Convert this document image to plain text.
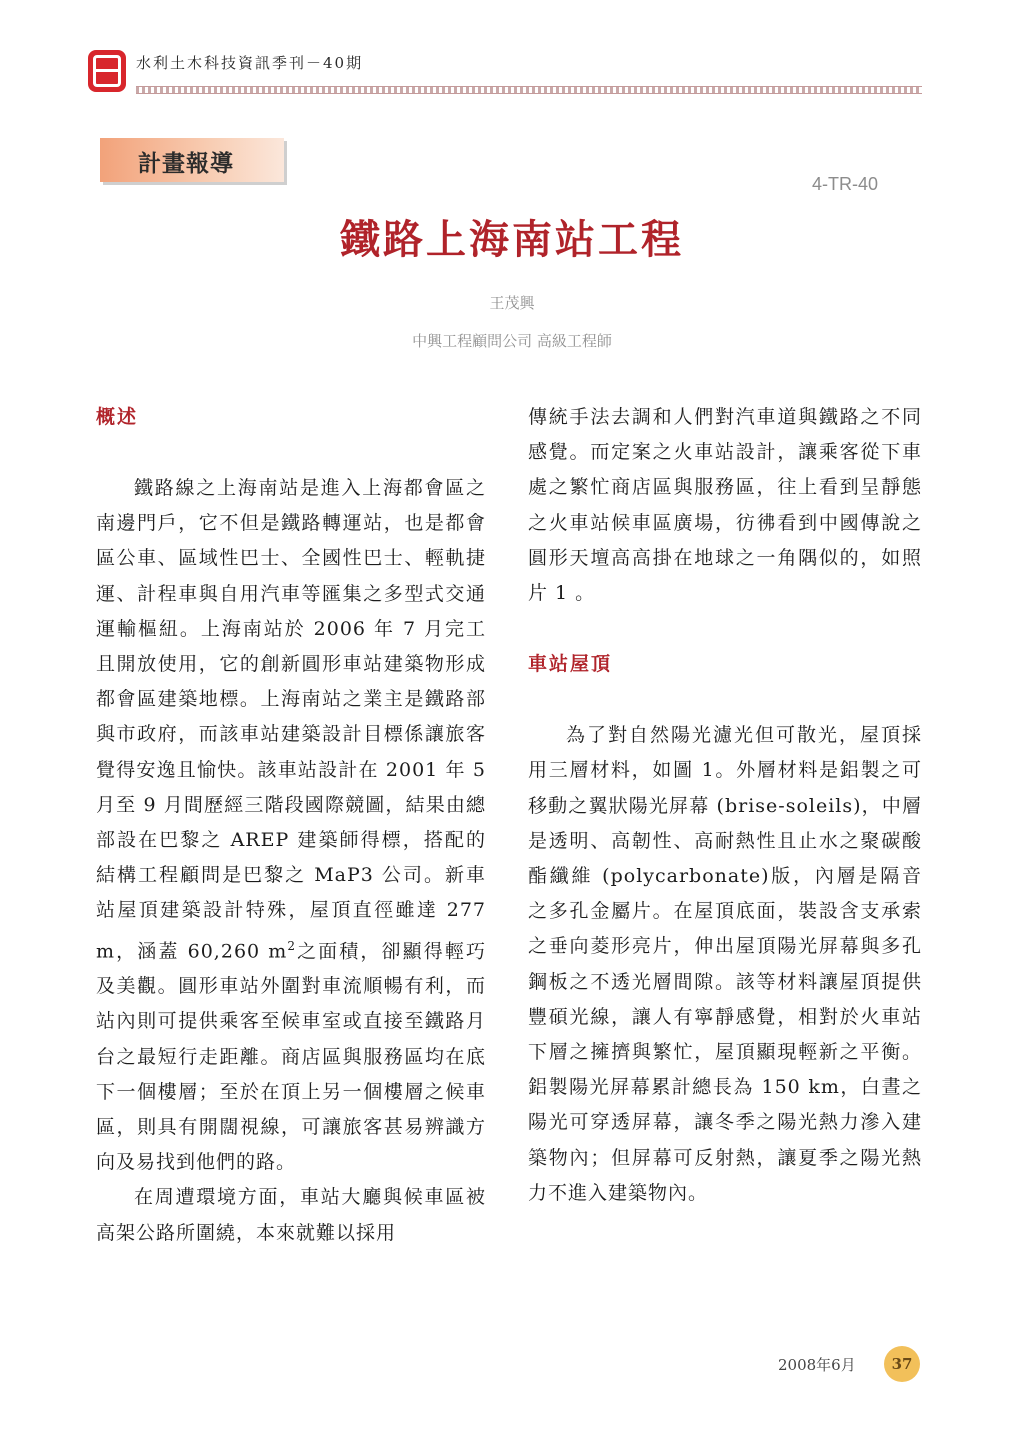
水利土木科技資訊季刊－40期
計畫報導
4-TR-40
鐵路上海南站工程
王茂興
中興工程顧問公司 高級工程師
概述

鐵路線之上海南站是進入上海都會區之南邊門戶，它不但是鐵路轉運站，也是都會區公車、區域性巴士、全國性巴士、輕軌捷運、計程車與自用汽車等匯集之多型式交通運輸樞紐。上海南站於 2006 年 7 月完工且開放使用，它的創新圓形車站建築物形成都會區建築地標。上海南站之業主是鐵路部與市政府，而該車站建築設計目標係讓旅客覺得安逸且愉快。該車站設計在 2001 年 5 月至 9 月間歷經三階段國際競圖，結果由總部設在巴黎之 AREP 建築師得標，搭配的結構工程顧問是巴黎之 MaP3 公司。新車站屋頂建築設計特殊，屋頂直徑雖達 277 m，涵蓋 60,260 $m^2$之面積，卻顯得輕巧及美觀。圓形車站外圍對車流順暢有利，而站內則可提供乘客至候車室或直接至鐵路月台之最短行走距離。商店區與服務區均在底下一個樓層；至於在頂上另一個樓層之候車區，則具有開闊視線，可讓旅客甚易辨識方向及易找到他們的路。

在周遭環境方面，車站大廳與候車區被高架公路所圍繞，本來就難以採用

傳統手法去調和人們對汽車道與鐵路之不同感覺。而定案之火車站設計，讓乘客從下車處之繁忙商店區與服務區，往上看到呈靜態之火車站候車區廣場，彷彿看到中國傳說之圓形天壇高高掛在地球之一角隅似的，如照片 1 。

車站屋頂

為了對自然陽光濾光但可散光，屋頂採用三層材料，如圖 1。外層材料是鋁製之可移動之翼狀陽光屏幕 (brise-soleils)，中層是透明、高韌性、高耐熱性且止水之聚碳酸酯纖維 (polycarbonate)版，內層是隔音之多孔金屬片。在屋頂底面，裝設含支承索之垂向菱形亮片，伸出屋頂陽光屏幕與多孔鋼板之不透光層間隙。該等材料讓屋頂提供豐碩光線，讓人有寧靜感覺，相對於火車站下層之擁擠與繁忙，屋頂顯現輕新之平衡。鋁製陽光屏幕累計總長為 150 km，白晝之陽光可穿透屏幕，讓冬季之陽光熱力滲入建築物內；但屏幕可反射熱，讓夏季之陽光熱力不進入建築物內。

2008年6月	37
